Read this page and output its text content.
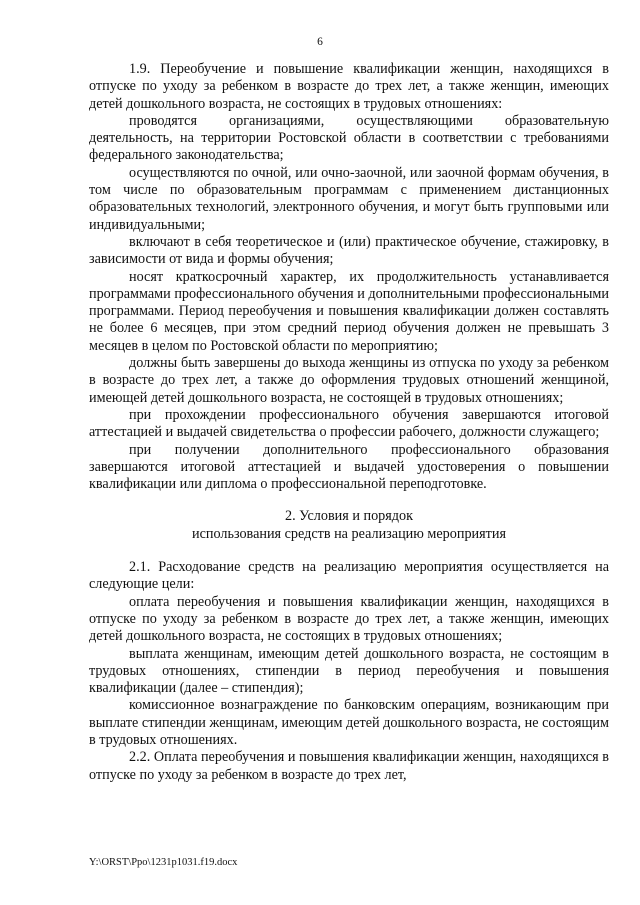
6

1.9. Переобучение и повышение квалификации женщин, находящихся в отпуске по уходу за ребенком в возрасте до трех лет, а также женщин, имеющих детей дошкольного возраста, не состоящих в трудовых отношениях:

проводятся организациями, осуществляющими образовательную деятельность, на территории Ростовской области в соответствии с требованиями федерального законодательства;

осуществляются по очной, или очно-заочной, или заочной формам обучения, в том числе по образовательным программам с применением дистанционных образовательных технологий, электронного обучения, и могут быть групповыми или индивидуальными;

включают в себя теоретическое и (или) практическое обучение, стажировку, в зависимости от вида и формы обучения;

носят краткосрочный характер, их продолжительность устанавливается программами профессионального обучения и дополнительными профессиональными программами. Период переобучения и повышения квалификации должен составлять не более 6 месяцев, при этом средний период обучения должен не превышать 3 месяцев в целом по Ростовской области по мероприятию;

должны быть завершены до выхода женщины из отпуска по уходу за ребенком в возрасте до трех лет, а также до оформления трудовых отношений женщиной, имеющей детей дошкольного возраста, не состоящей в трудовых отношениях;

при прохождении профессионального обучения завершаются итоговой аттестацией и выдачей свидетельства о профессии рабочего, должности служащего;

при получении дополнительного профессионального образования завершаются итоговой аттестацией и выдачей удостоверения о повышении квалификации или диплома о профессиональной переподготовке.

2. Условия и порядок

использования средств на реализацию мероприятия

2.1. Расходование средств на реализацию мероприятия осуществляется на следующие цели:

оплата переобучения и повышения квалификации женщин, находящихся в отпуске по уходу за ребенком в возрасте до трех лет, а также женщин, имеющих детей дошкольного возраста, не состоящих в трудовых отношениях;

выплата женщинам, имеющим детей дошкольного возраста, не состоящим в трудовых отношениях, стипендии в период переобучения и повышения квалификации (далее – стипендия);

комиссионное вознаграждение по банковским операциям, возникающим при выплате стипендии женщинам, имеющим детей дошкольного возраста, не состоящим в трудовых отношениях.

2.2. Оплата переобучения и повышения квалификации женщин, находящихся в отпуске по уходу за ребенком в возрасте до трех лет,

Y:\ORST\Ppo\1231p1031.f19.docx
